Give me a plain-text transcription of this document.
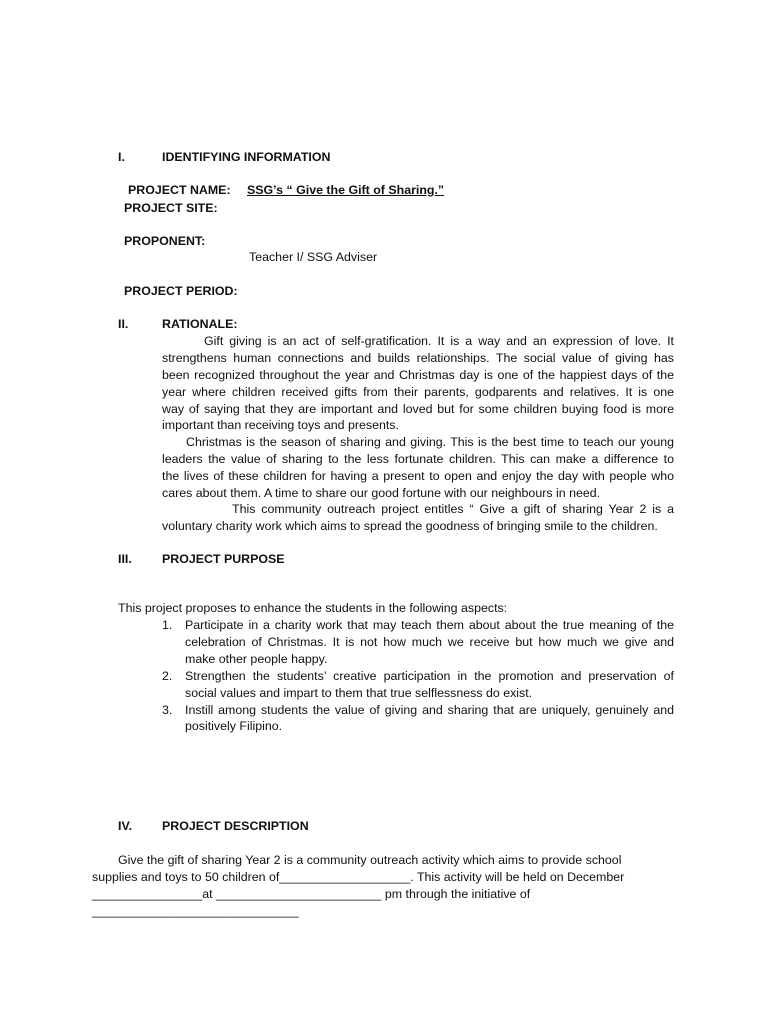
I.	IDENTIFYING INFORMATION
PROJECT NAME: SSG’s “ Give the Gift of Sharing.”
PROJECT SITE:
PROPONENT:
Teacher I/ SSG Adviser
PROJECT PERIOD:
II.	RATIONALE:
Gift giving is an act of self-gratification. It is a way and an expression of love. It
strengthens human connections and builds relationships. The social value of giving has
been recognized throughout the year and Christmas day is one of the happiest days of the
year where children received gifts from their parents, godparents and relatives. It is one
way of saying that they are important and loved but for some children buying food is more
important than receiving toys and presents.
Christmas is the season of sharing and giving. This is the best time to teach our young
leaders the value of sharing to the less fortunate children. This can make a difference to
the lives of these children for having a present to open and enjoy the day with people who
cares about them. A time to share our good fortune with our neighbours in need.
This community outreach project entitles “ Give a gift of sharing Year 2 is a
voluntary charity work which aims to spread the goodness of bringing smile to the children.
III. PROJECT PURPOSE
This project proposes to enhance the students in the following aspects:
1. Participate in a charity work that may teach them about about the true meaning of the
celebration of Christmas. It is not how much we receive but how much we give and
make other people happy.
2. Strengthen the students’ creative participation in the promotion and preservation of
social values and impart to them that true selflessness do exist.
3. Instill among students the value of giving and sharing that are uniquely, genuinely and
positively Filipino.
IV. PROJECT DESCRIPTION
Give the gift of sharing Year 2 is a community outreach activity which aims to provide school
supplies and toys to 50 children of___________________. This activity will be held on December
________________at ________________________ pm through the initiative of
______________________________
